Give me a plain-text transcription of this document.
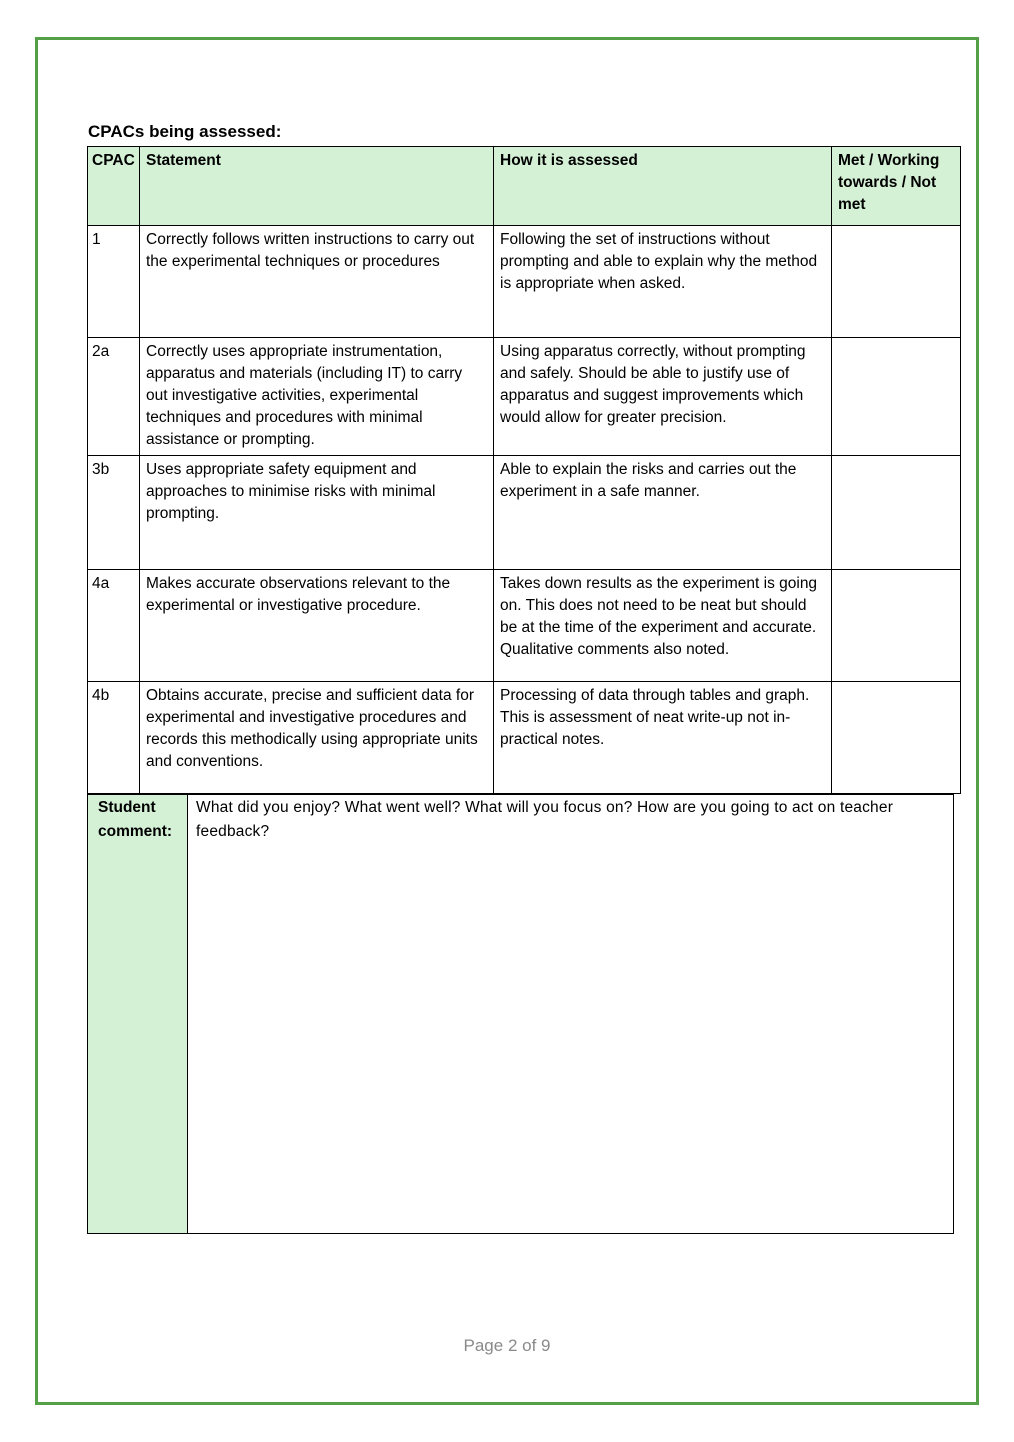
CPACs being assessed:
CPAC	Statement	How it is assessed	Met / Working towards / Not met
1	Correctly follows written instructions to carry out the experimental techniques or procedures	Following the set of instructions without prompting and able to explain why the method is appropriate when asked.	
2a	Correctly uses appropriate instrumentation, apparatus and materials (including IT) to carry out investigative activities, experimental techniques and procedures with minimal assistance or prompting.	Using apparatus correctly, without prompting and safely. Should be able to justify use of apparatus and suggest improvements which would allow for greater precision.	
3b	Uses appropriate safety equipment and approaches to minimise risks with minimal prompting.	Able to explain the risks and carries out the experiment in a safe manner.	
4a	Makes accurate observations relevant to the experimental or investigative procedure.	Takes down results as the experiment is going on. This does not need to be neat but should be at the time of the experiment and accurate. Qualitative comments also noted.	
4b	Obtains accurate, precise and sufficient data for experimental and investigative procedures and records this methodically using appropriate units and conventions.	Processing of data through tables and graph. This is assessment of neat write-up not in-practical notes.	
Student comment:	What did you enjoy? What went well? What will you focus on? How are you going to act on teacher feedback?
Page 2 of 9
